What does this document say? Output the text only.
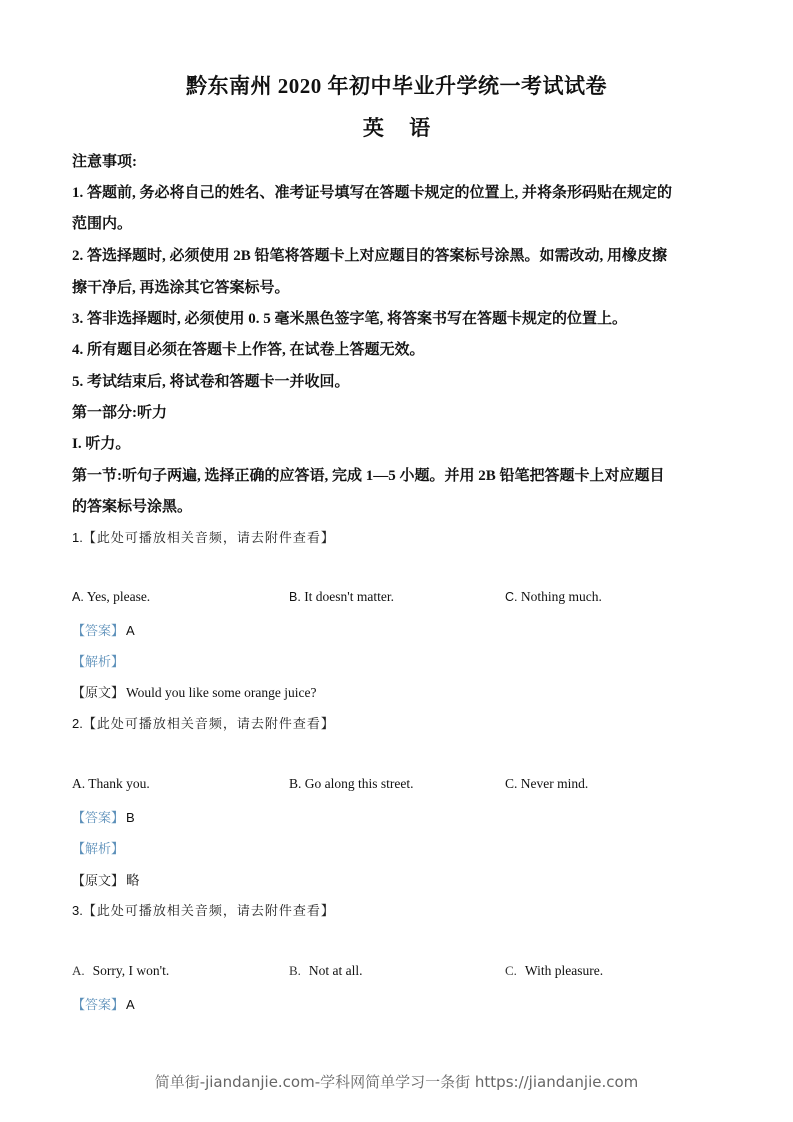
黔东南州 2020 年初中毕业升学统一考试试卷
英 语
注意事项:
1. 答题前, 务必将自己的姓名、准考证号填写在答题卡规定的位置上, 并将条形码贴在规定的
范围内。
2. 答选择题时, 必须使用 2B 铅笔将答题卡上对应题目的答案标号涂黑。如需改动, 用橡皮擦
擦干净后, 再选涂其它答案标号。
3. 答非选择题时, 必须使用 0. 5 毫米黑色签字笔, 将答案书写在答题卡规定的位置上。
4. 所有题目必须在答题卡上作答, 在试卷上答题无效。
5. 考试结束后, 将试卷和答题卡一并收回。
第一部分:听力
I. 听力。
第一节:听句子两遍, 选择正确的应答语, 完成 1—5 小题。并用 2B 铅笔把答题卡上对应题目
的答案标号涂黑。
1.【此处可播放相关音频，请去附件查看】
A. Yes, please.	B. It doesn't matter.	C. Nothing much.
【答案】 A
【解析】
【原文】 Would you like some orange juice?
2.【此处可播放相关音频，请去附件查看】
A. Thank you.	B. Go along this street.	C. Never mind.
【答案】 B
【解析】
【原文】 略
3.【此处可播放相关音频，请去附件查看】
A. Sorry, I won't.	B. Not at all.	C. With pleasure.
【答案】 A
简单街-jiandanjie.com-学科网简单学习一条街 https://jiandanjie.com
